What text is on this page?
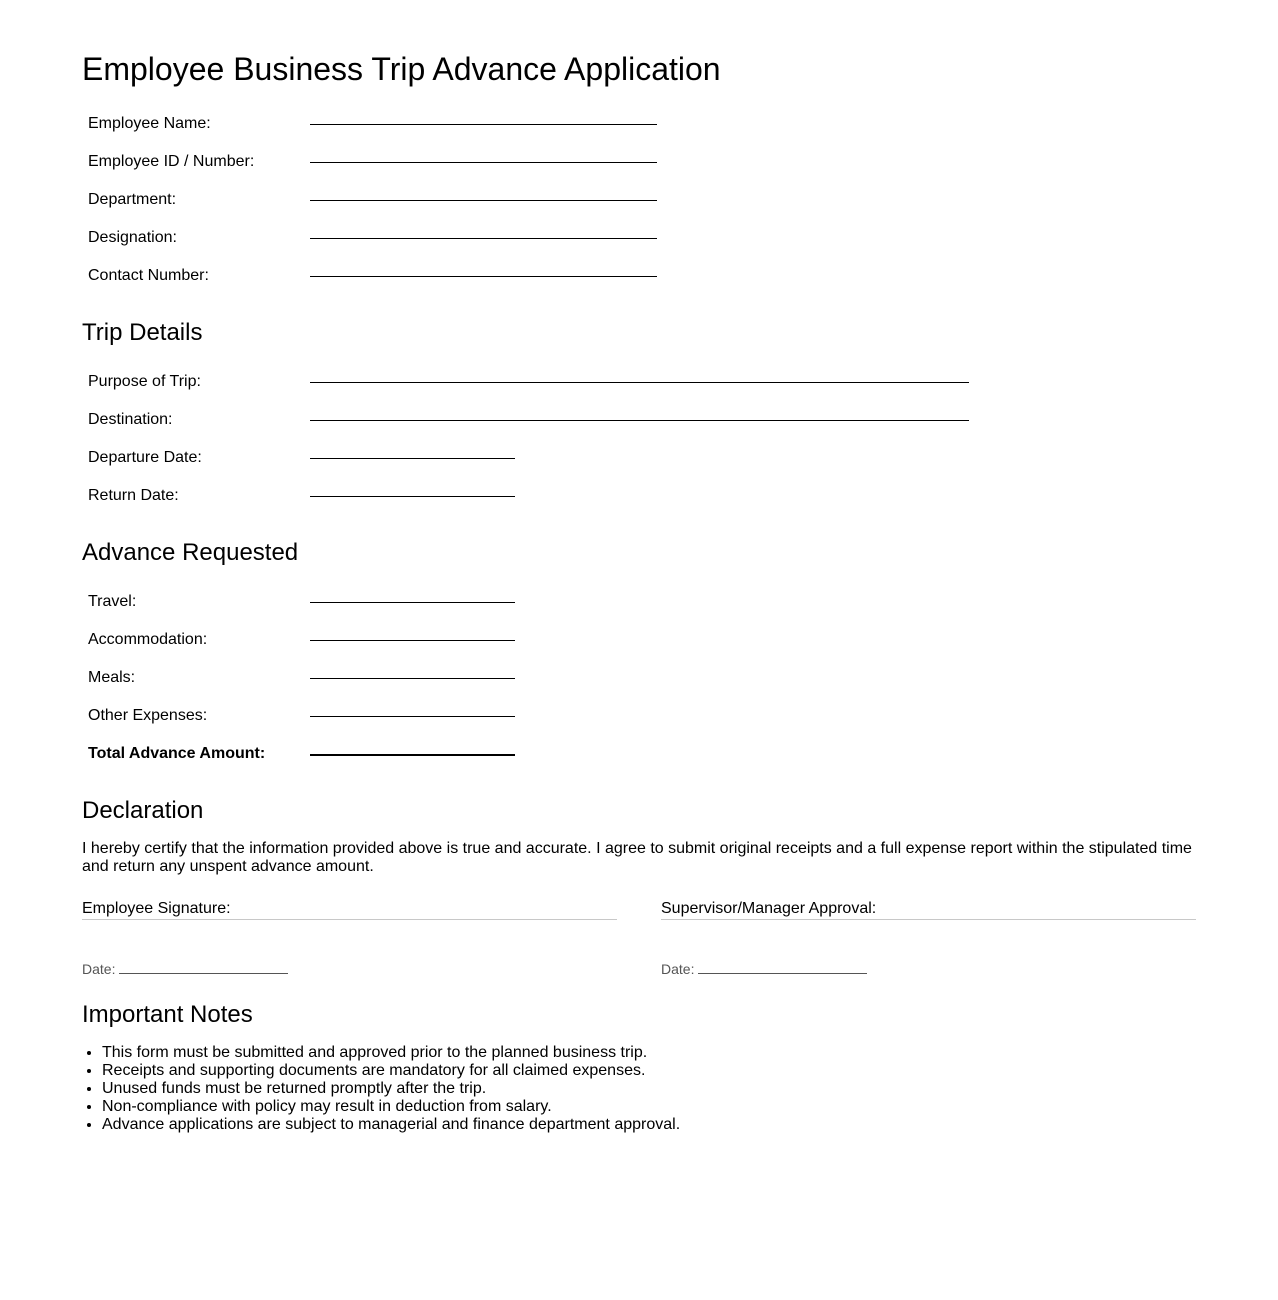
Employee Business Trip Advance Application
Employee Name:
Employee ID / Number:
Department:
Designation:
Contact Number:
Trip Details
Purpose of Trip:
Destination:
Departure Date:
Return Date:
Advance Requested
Travel:
Accommodation:
Meals:
Other Expenses:
Total Advance Amount:
Declaration
I hereby certify that the information provided above is true and accurate. I agree to submit original receipts and a full expense report within the stipulated time and return any unspent advance amount.
Employee Signature:	Supervisor/Manager Approval:
Date:	Date:
Important Notes
• This form must be submitted and approved prior to the planned business trip.
• Receipts and supporting documents are mandatory for all claimed expenses.
• Unused funds must be returned promptly after the trip.
• Non-compliance with policy may result in deduction from salary.
• Advance applications are subject to managerial and finance department approval.
